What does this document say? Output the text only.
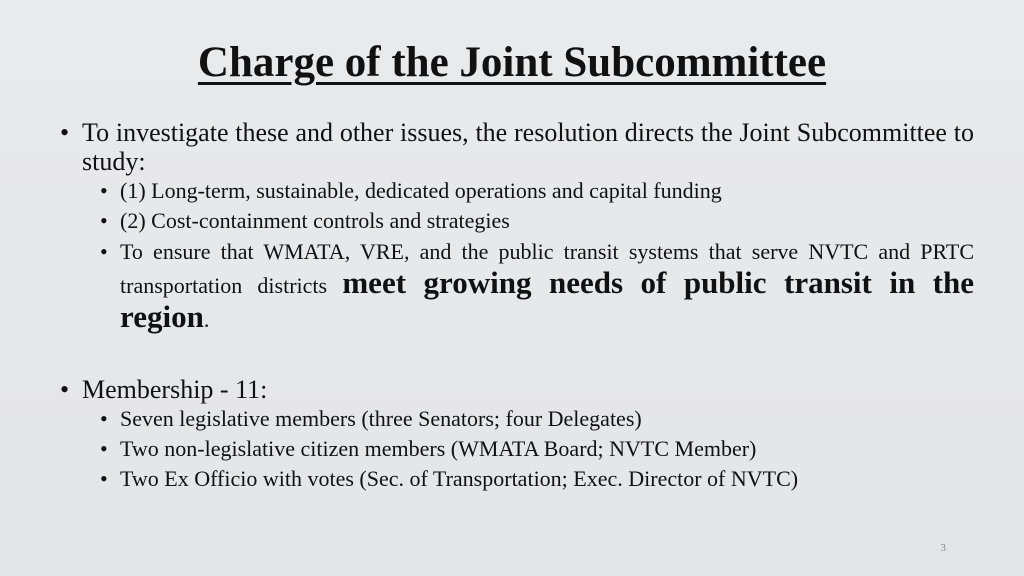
Charge of the Joint Subcommittee
• To investigate these and other issues, the resolution directs the Joint Subcommittee to study:
• (1) Long-term, sustainable, dedicated operations and capital funding
• (2) Cost-containment controls and strategies
• To ensure that WMATA, VRE, and the public transit systems that serve NVTC and PRTC transportation districts meet growing needs of public transit in the region.
• Membership - 11:
• Seven legislative members (three Senators; four Delegates)
• Two non-legislative citizen members (WMATA Board; NVTC Member)
• Two Ex Officio with votes (Sec. of Transportation; Exec. Director of NVTC)
3
